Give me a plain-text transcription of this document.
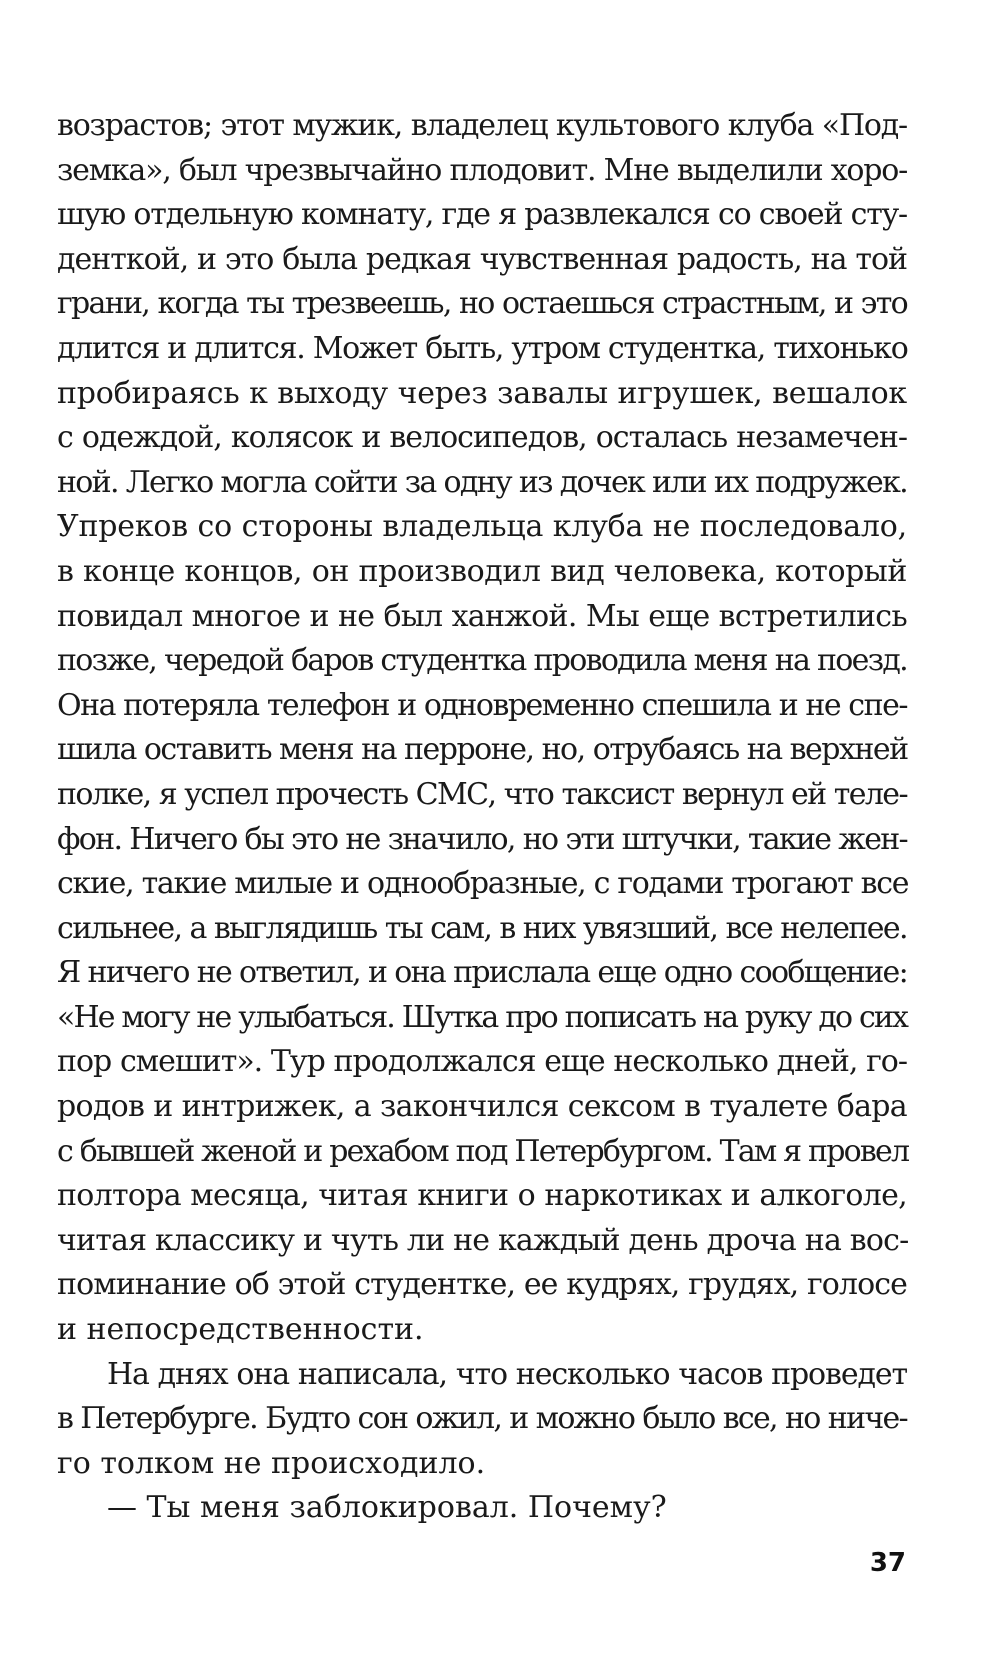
возрастов; этот мужик, владелец культового клуба «Под-
земка», был чрезвычайно плодовит. Мне выделили хоро-
шую отдельную комнату, где я развлекался со своей сту-
денткой, и это была редкая чувственная радость, на той
грани, когда ты трезвеешь, но остаешься страстным, и это
длится и длится. Может быть, утром студентка, тихонько
пробираясь к выходу через завалы игрушек, вешалок
с одеждой, колясок и велосипедов, осталась незамечен-
ной. Легко могла сойти за одну из дочек или их подружек.
Упреков со стороны владельца клуба не последовало,
в конце концов, он производил вид человека, который
повидал многое и не был ханжой. Мы еще встретились
позже, чередой баров студентка проводила меня на поезд.
Она потеряла телефон и одновременно спешила и не спе-
шила оставить меня на перроне, но, отрубаясь на верхней
полке, я успел прочесть СМС, что таксист вернул ей теле-
фон. Ничего бы это не значило, но эти штучки, такие жен-
ские, такие милые и однообразные, с годами трогают все
сильнее, а выглядишь ты сам, в них увязший, все нелепее.
Я ничего не ответил, и она прислала еще одно сообщение:
«Не могу не улыбаться. Шутка про пописать на руку до сих
пор смешит». Тур продолжался еще несколько дней, го-
родов и интрижек, а закончился сексом в туалете бара
с бывшей женой и рехабом под Петербургом. Там я провел
полтора месяца, читая книги о наркотиках и алкоголе,
читая классику и чуть ли не каждый день дроча на вос-
поминание об этой студентке, ее кудрях, грудях, голосе
и непосредственности.
На днях она написала, что несколько часов проведет
в Петербурге. Будто сон ожил, и можно было все, но ниче-
го толком не происходило.
— Ты меня заблокировал. Почему?
37
